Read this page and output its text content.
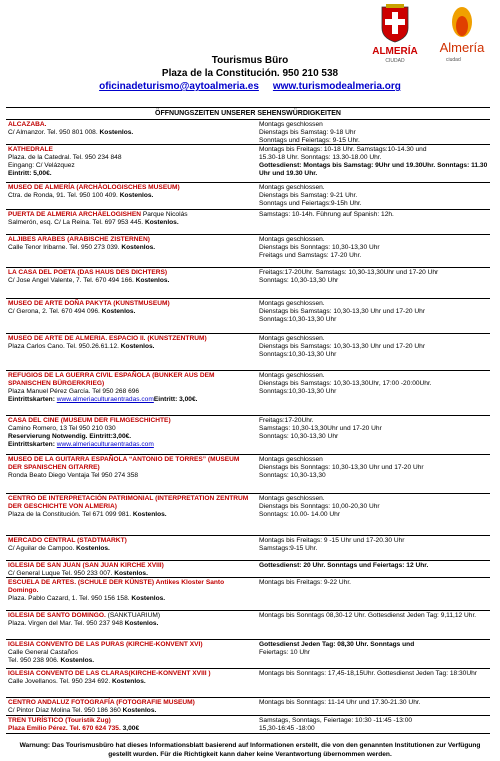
ALMERÍA
CIUDAD
Almería
ciudad
Tourismus Büro
Plaza de la Constitución. 950 210 538
oficinadeturismo@aytoalmeria.es www.turismodealmeria.org
ÖFFNUNGSZEITEN UNSERER SEHENSWÜRDIGKEITEN
ALCAZABA.
C/ Almanzor. Tel. 950 801 008. Kostenlos.
Montags geschlossen
Dienstags bis Samstag: 9-18 Uhr
Sonntags und Feiertags: 9-15 Uhr.
KATHEDRALE
Plaza. de la Catedral. Tel. 950 234 848
Eingang: C/ Velázquez
Eintritt: 5,00€.
Montags bis Freitags: 10-18 Uhr. Samstags:10-14.30 und
15.30-18 Uhr. Sonntags: 13.30-18.00 Uhr.
Gottesdienst: Montags bis Samstag: 9Uhr und 19.30Uhr. Sonntags: 11.30 Uhr und 19.30 Uhr.
MUSEO DE ALMERÍA (ARCHÄOLOGISCHES MUSEUM)
Ctra. de Ronda, 91. Tel. 950 100 409. Kostenlos.
Montags geschlossen.
Dienstags bis Samstag: 9-21 Uhr.
Sonntags und Feiertags:9-15h Uhr.
PUERTA DE ALMERIA ARCHÄELOGISHEN Parque Nicolás
Salmerón, esq. C/ La Reina. Tel. 697 953 445. Kostenlos.
Samstags: 10-14h. Führung auf Spanish: 12h.
ALJIBES ARABES (ARABISCHE ZISTERNEN)
Calle Tenor Iribarne. Tel. 950 273 039. Kostenlos.
Montags geschlossen.
Dienstags bis Sonntags: 10,30-13,30 Uhr
Freitags und Samstags: 17-20 Uhr.
LA CASA DEL POETA (DAS HAUS DES DICHTERS)
C/ Jose Angel Valente, 7. Tel. 670 494 166. Kostenlos.
Freitags:17-20Uhr. Samstags: 10,30-13,30Uhr und 17-20 Uhr
Sonntags: 10,30-13,30 Uhr
MUSEO DE ARTE DOÑA PAKYTA (KUNSTMUSEUM)
C/ Gerona, 2. Tel. 670 494 096. Kostenlos.
Montags geschlossen.
Dienstags bis Samstags: 10,30-13,30 Uhr und 17-20 Uhr
Sonntags:10,30-13,30 Uhr
MUSEO DE ARTE DE ALMERIA. ESPACIO II. (KUNSTZENTRUM)
Plaza Carlos Cano. Tel. 950.26.61.12. Kostenlos.
Montags geschlossen.
Dienstags bis Samstags: 10,30-13,30 Uhr und 17-20 Uhr
Sonntags:10,30-13,30 Uhr
REFUGIOS DE LA GUERRA CIVIL ESPAÑOLA (BUNKER AUS DEM SPANISCHEN BÜRGERKRIEG)
Plaza Manuel Pérez García. Tel 950 268 696
Eintrittskarten: www.almeriaculturaentradas.comEintritt: 3,00€.
Montags geschlossen.
Dienstags bis Samstags: 10,30-13,30Uhr, 17:00 -20:00Uhr.
Sonntags:10,30-13,30 Uhr
CASA DEL CINE (MUSEUM DER FILMGESCHICHTE)
Camino Romero, 13 Tel 950 210 030
Reservierung Notwendig. Eintritt:3,00€.
Eintrittskarten: www.almeriaculturaentradas.com
Freitags:17-20Uhr.
Samstags: 10,30-13,30Uhr und 17-20 Uhr
Sonntags: 10,30-13,30 Uhr
MUSEO DE LA GUITARRA ESPAÑOLA “ANTONIO DE TORRES” (MUSEUM DER SPANISCHEN GITARRE)
Ronda Beato Diego Ventaja Tel 950 274 358
Montags geschlossen
Dienstags bis Sonntags: 10,30-13,30 Uhr und 17-20 Uhr
Sonntags: 10,30-13,30
CENTRO DE INTERPRETACIÓN PATRIMONIAL (INTERPRETATION ZENTRUM DER GESCHICHTE VON ALMERIA)
Plaza de la Constitución. Tel 671 099 981. Kostenlos.
Montags geschlossen.
Dienstags bis Sonntags: 10,00-20,30 Uhr
Sonntags: 10.00- 14.00 Uhr
MERCADO CENTRAL (STADTMARKT)
C/ Aguilar de Campoo. Kostenlos.
Montags bis Freitags: 9 -15 Uhr und 17-20.30 Uhr
Samstags:9-15 Uhr.
IGLESIA DE SAN JUAN (SAN JUAN KIRCHE XVIII)
C/ General Luque Tel. 950 233 007. Kostenlos.
Gottesdienst: 20 Uhr. Sonntags und Feiertags: 12 Uhr.
ESCUELA DE ARTES. (SCHULE DER KÜNSTE) Antikes Kloster Santo Domingo.
Plaza. Pablo Cazard, 1. Tel. 950 156 158. Kostenlos.
Montags bis Freitags: 9-22 Uhr.
IGLESIA DE SANTO DOMINGO. (SANKTUARIUM)
Plaza. Virgen del Mar. Tel. 950 237 948 Kostenlos.
Montags bis Sonntags 08,30-12 Uhr. Gottesdienst Jeden Tag: 9,11,12 Uhr.
IGLESIA CONVENTO DE LAS PURAS (KIRCHE-KONVENT XVI)
Calle General Castaños
Tel. 950 238 906. Kostenlos.
Gottesdienst Jeden Tag: 08,30 Uhr. Sonntags und
Feiertags: 10 Uhr
IGLESIA CONVENTO DE LAS CLARAS(KIRCHE-KONVENT XVIII )
Calle Jovellanos. Tel. 950 234 692. Kostenlos.
Montags bis Sonntags: 17,45-18,15Uhr. Gottesdienst Jeden Tag: 18:30Uhr
CENTRO ANDALUZ FOTOGRAFÍA (FOTOGRAFIE MUSEUM)
C/ Pintor Díaz Molina Tel. 950 186 360 Kostenlos.
Montags bis Sonntags: 11-14 Uhr und 17.30-21.30 Uhr.
TREN TURÍSTICO (Touristik Zug)
Plaza Emilio Pérez. Tel. 670 624 735. 3,00€
Samstags, Sonntags, Feiertage: 10:30 -11:45 -13:00
15,30-16:45 -18:00
Warnung: Das Tourismusbüro hat dieses Informationsblatt basierend auf Informationen erstellt, die von den genannten Institutionen zur Verfügung gestellt wurden. Für die Richtigkeit kann daher keine Verantwortung übernommen werden.
